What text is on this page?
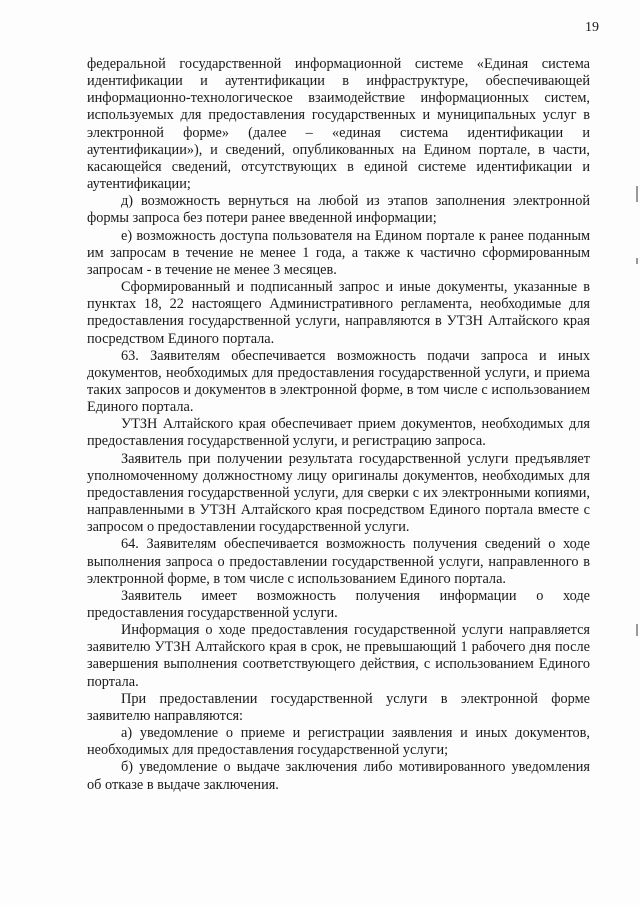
19

федеральной государственной информационной системе «Единая система идентификации и аутентификации в инфраструктуре, обеспечивающей информационно-технологическое взаимодействие информационных систем, используемых для предоставления государственных и муниципальных услуг в электронной форме» (далее – «единая система идентификации и аутентификации»), и сведений, опубликованных на Едином портале, в части, касающейся сведений, отсутствующих в единой системе идентификации и аутентификации;

д) возможность вернуться на любой из этапов заполнения электронной формы запроса без потери ранее введенной информации;

е) возможность доступа пользователя на Едином портале к ранее поданным им запросам в течение не менее 1 года, а также к частично сформированным запросам - в течение не менее 3 месяцев.

Сформированный и подписанный запрос и иные документы, указанные в пунктах 18, 22 настоящего Административного регламента, необходимые для предоставления государственной услуги, направляются в УТЗН Алтайского края посредством Единого портала.

63. Заявителям обеспечивается возможность подачи запроса и иных документов, необходимых для предоставления государственной услуги, и приема таких запросов и документов в электронной форме, в том числе с использованием Единого портала.

УТЗН Алтайского края обеспечивает прием документов, необходимых для предоставления государственной услуги, и регистрацию запроса.

Заявитель при получении результата государственной услуги предъявляет уполномоченному должностному лицу оригиналы документов, необходимых для предоставления государственной услуги, для сверки с их электронными копиями, направленными в УТЗН Алтайского края посредством Единого портала вместе с запросом о предоставлении государственной услуги.

64. Заявителям обеспечивается возможность получения сведений о ходе выполнения запроса о предоставлении государственной услуги, направленного в электронной форме, в том числе с использованием Единого портала.

Заявитель имеет возможность получения информации о ходе предоставления государственной услуги.

Информация о ходе предоставления государственной услуги направляется заявителю УТЗН Алтайского края в срок, не превышающий 1 рабочего дня после завершения выполнения соответствующего действия, с использованием Единого портала.

При предоставлении государственной услуги в электронной форме заявителю направляются:

а) уведомление о приеме и регистрации заявления и иных документов, необходимых для предоставления государственной услуги;

б) уведомление о выдаче заключения либо мотивированного уведомления об отказе в выдаче заключения.
